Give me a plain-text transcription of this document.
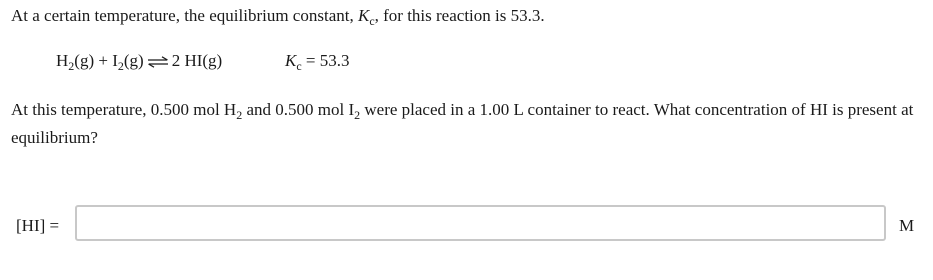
At a certain temperature, the equilibrium constant, $K_c$, for this reaction is 53.3.
$H_2(g) + I_2(g)$ ⇌ 2 HI(g)	$K_c = 53.3$
At this temperature, 0.500 mol $H_2$ and 0.500 mol $I_2$ were placed in a 1.00 L container to react. What concentration of HI is present at equilibrium?
[HI] =	M
